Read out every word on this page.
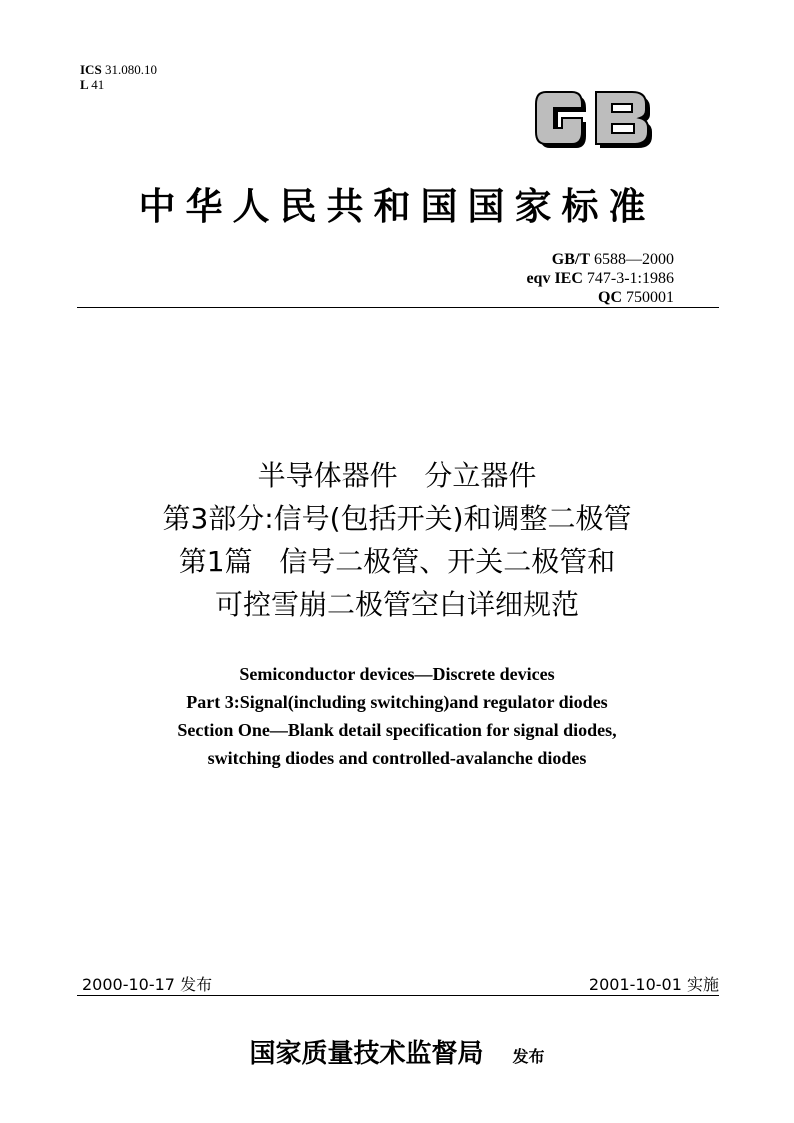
ICS 31.080.10
L 41
中华人民共和国国家标准
GB/T 6588—2000
eqv IEC 747-3-1:1986
QC 750001
半导体器件   分立器件
第3部分:信号(包括开关)和调整二极管
第1篇   信号二极管、开关二极管和
可控雪崩二极管空白详细规范
Semiconductor devices—Discrete devices
Part 3:Signal(including switching)and regulator diodes
Section One—Blank detail specification for signal diodes,
switching diodes and controlled-avalanche diodes
2000-10-17 发布	2001-10-01 实施
国家质量技术监督局 发布
